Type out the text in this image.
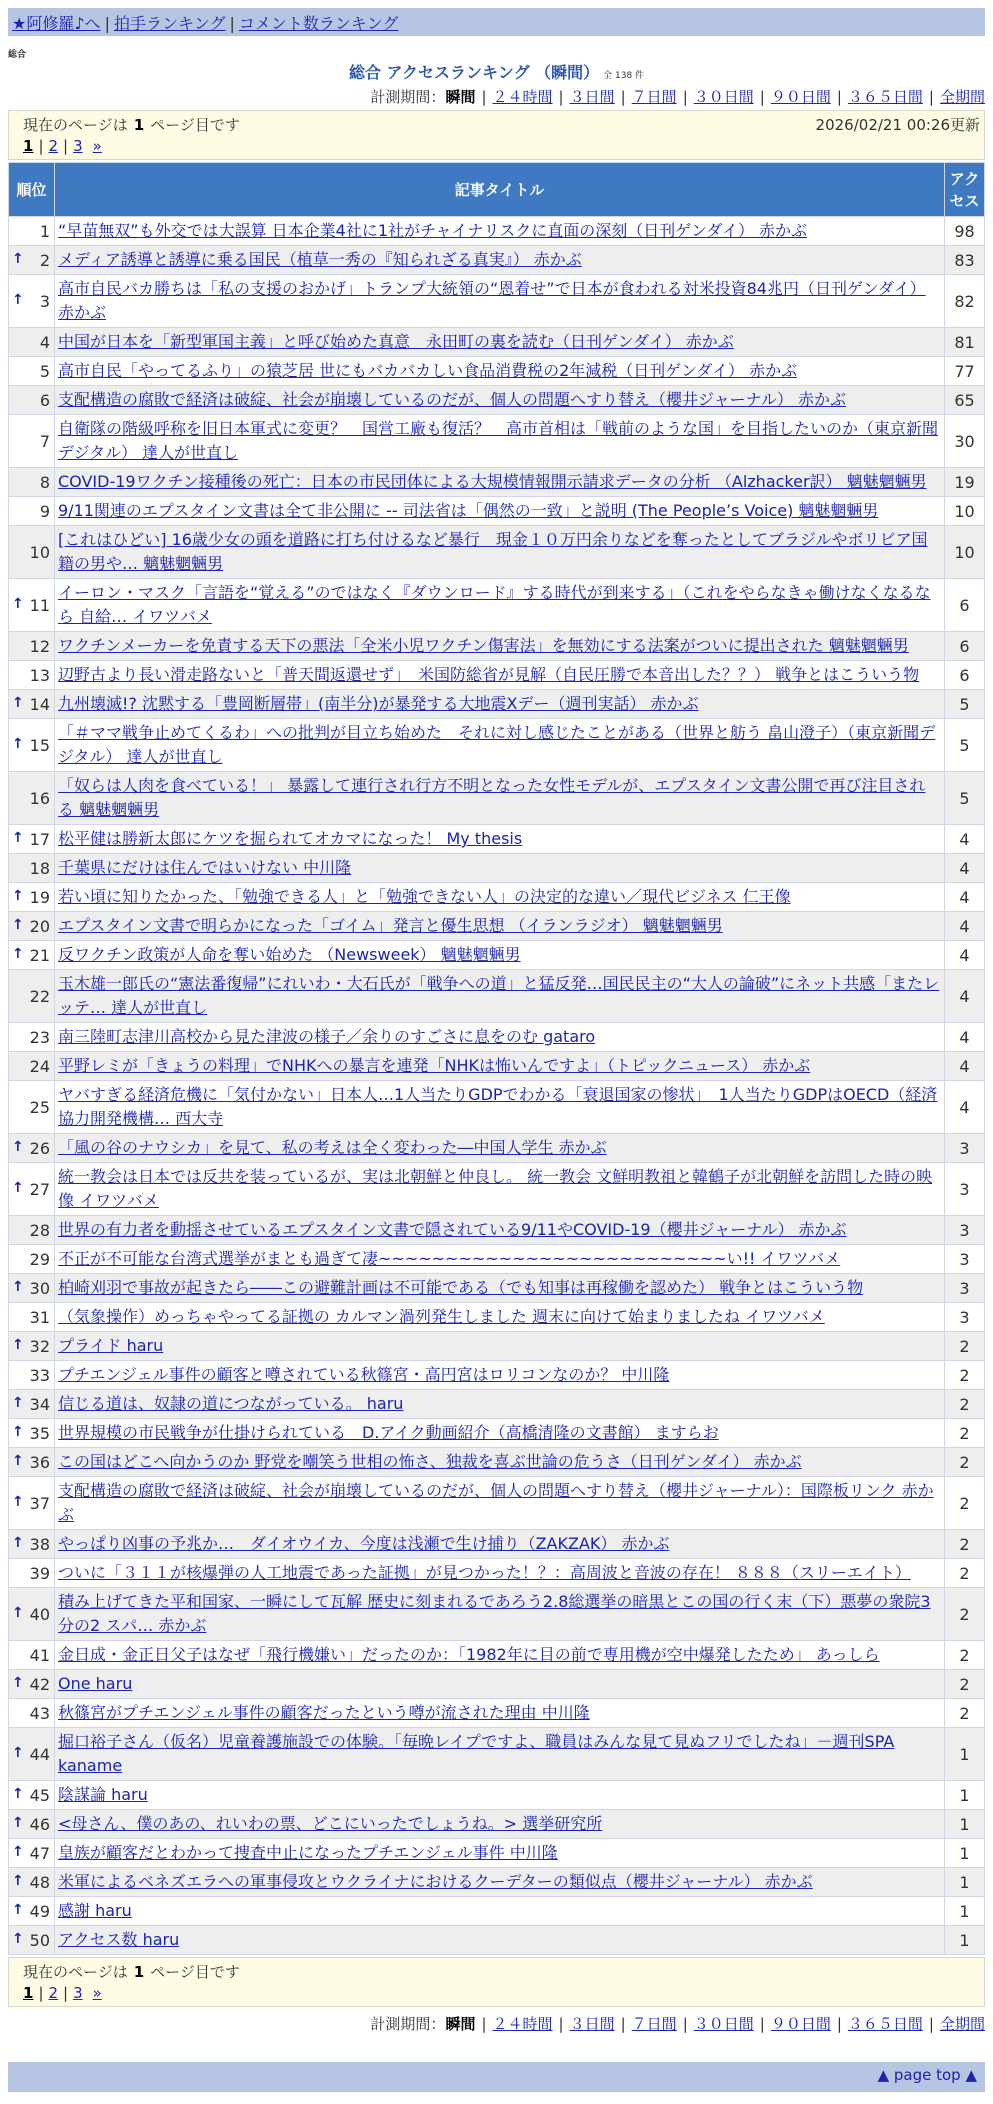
★阿修羅♪へ | 拍手ランキング | コメント数ランキング
総合
総合 アクセスランキング （瞬間） 全 138 件
計測期間：瞬間 | ２４時間 | ３日間 | ７日間 | ３０日間 | ９０日間 | ３６５日間 | 全期間
現在のページは 1 ページ目です	2026/02/21 00:26更新
1 | 2 | 3 »
順位	記事タイトル	アクセス
1	“早苗無双”も外交では大誤算 日本企業4社に1社がチャイナリスクに直面の深刻（日刊ゲンダイ） 赤かぶ	98

↑ 2	メディア誘導と誘導に乗る国民（植草一秀の『知られざる真実』） 赤かぶ	83

↑ 3	高市自民バカ勝ちは「私の支援のおかげ」トランプ大統領の“恩着せ”で日本が食われる対米投資84兆円（日刊ゲンダイ） 赤かぶ	82
4	中国が日本を「新型軍国主義」と呼び始めた真意　永田町の裏を読む（日刊ゲンダイ） 赤かぶ	81
5	高市自民「やってるふり」の猿芝居 世にもバカバカしい食品消費税の2年減税（日刊ゲンダイ） 赤かぶ	77
6	支配構造の腐敗で経済は破綻、社会が崩壊しているのだが、個人の問題へすり替え（櫻井ジャーナル） 赤かぶ	65
7	自衛隊の階級呼称を旧日本軍式に変更？　国営工廠も復活？　高市首相は「戦前のような国」を目指したいのか（東京新聞デジタル） 達人が世直し	30
8	COVID-19ワクチン接種後の死亡：日本の市民団体による大規模情報開示請求データの分析 （Alzhacker訳） 魑魅魍魎男	19
9	9/11関連のエプスタイン文書は全て非公開に -- 司法省は「偶然の一致」と説明 (The People’s Voice) 魑魅魍魎男	10
10	[これはひどい] 16歳少女の頭を道路に打ち付けるなど暴行　現金１０万円余りなどを奪ったとしてブラジルやボリビア国籍の男や… 魑魅魍魎男	10

↑ 11	イーロン・マスク「言語を“覚える”のではなく『ダウンロード』する時代が到来する」（これをやらなきゃ働けなくなるなら 自給… イワツバメ	6
12	ワクチンメーカーを免責する天下の悪法「全米小児ワクチン傷害法」を無効にする法案がついに提出された 魑魅魍魎男	6
13	辺野古より長い滑走路ないと「普天間返還せず」　米国防総省が見解（自民圧勝で本音出した？？） 戦争とはこういう物	6

↑ 14	九州壊滅!? 沈黙する「豊岡断層帯」(南半分)が暴発する大地震Xデー（週刊実話） 赤かぶ	5

↑ 15	「＃ママ戦争止めてくるわ」への批判が目立ち始めた　それに対し感じたことがある（世界と舫う 畠山澄子）（東京新聞デジタル） 達人が世直し	5
16	「奴らは人肉を食べている！」 暴露して連行され行方不明となった女性モデルが、エプスタイン文書公開で再び注目される 魑魅魍魎男	5

↑ 17	松平健は勝新太郎にケツを掘られてオカマになった！ My thesis	4
18	千葉県にだけは住んではいけない 中川隆	4

↑ 19	若い頃に知りたかった、「勉強できる人」と「勉強できない人」の決定的な違い／現代ビジネス 仁王像	4

↑ 20	エプスタイン文書で明らかになった「ゴイム」発言と優生思想 （イランラジオ） 魑魅魍魎男	4

↑ 21	反ワクチン政策が人命を奪い始めた （Newsweek） 魑魅魍魎男	4
22	玉木雄一郎氏の“憲法番復帰”にれいわ・大石氏が「戦争への道」と猛反発…国民民主の“大人の論破”にネット共感「またレッテ… 達人が世直し	4
23	南三陸町志津川高校から見た津波の様子／余りのすごさに息をのむ gataro	4
24	平野レミが「きょうの料理」でNHKへの暴言を連発「NHKは怖いんですよ」（トピックニュース） 赤かぶ	4
25	ヤバすぎる経済危機に「気付かない」日本人…1人当たりGDPでわかる「衰退国家の惨状」　1人当たりGDPはOECD（経済協力開発機構… 西大寺	4

↑ 26	「風の谷のナウシカ」を見て、私の考えは全く変わった―中国人学生 赤かぶ	3

↑ 27	統一教会は日本では反共を装っているが、実は北朝鮮と仲良し。 統一教会 文鮮明教祖と韓鶴子が北朝鮮を訪問した時の映像 イワツバメ	3
28	世界の有力者を動揺させているエプスタイン文書で隠されている9/11やCOVID-19（櫻井ジャーナル） 赤かぶ	3
29	不正が不可能な台湾式選挙がまとも過ぎて凄~~~~~~~~~~~~~~~~~~~~~~~~~~い!! イワツバメ	3

↑ 30	柏崎刈羽で事故が起きたら――この避難計画は不可能である（でも知事は再稼働を認めた） 戦争とはこういう物	3
31	（気象操作）めっちゃやってる証拠の カルマン渦列発生しました 週末に向けて始まりましたね イワツバメ	3

↑ 32	プライド haru	2
33	プチエンジェル事件の顧客と噂されている秋篠宮・高円宮はロリコンなのか？ 中川隆	2

↑ 34	信じる道は、奴隷の道につながっている。 haru	2

↑ 35	世界規模の市民戦争が仕掛けられている　D.アイク動画紹介（高橋清隆の文書館） ますらお	2

↑ 36	この国はどこへ向かうのか 野党を嘲笑う世相の怖さ、独裁を喜ぶ世論の危うさ（日刊ゲンダイ） 赤かぶ	2

↑ 37	支配構造の腐敗で経済は破綻、社会が崩壊しているのだが、個人の問題へすり替え（櫻井ジャーナル）：国際板リンク 赤かぶ	2

↑ 38	やっぱり凶事の予兆か…　ダイオウイカ、今度は浅瀬で生け捕り（ZAKZAK） 赤かぶ	2
39	ついに「３１１が核爆弾の人工地震であった証拠」が見つかった！？：高周波と音波の存在！ ８８８（スリーエイト）	2

↑ 40	積み上げてきた平和国家、一瞬にして瓦解 歴史に刻まれるであろう2.8総選挙の暗黒とこの国の行く末（下）悪夢の衆院3分の2 スパ… 赤かぶ	2
41	金日成・金正日父子はなぜ「飛行機嫌い」だったのか：「1982年に目の前で専用機が空中爆発したため」 あっしら	2

↑ 42	One haru	2
43	秋篠宮がプチエンジェル事件の顧客だったという噂が流された理由 中川隆	2

↑ 44	掘口裕子さん（仮名）児童養護施設での体験。「毎晩レイプですよ、職員はみんな見て見ぬフリでしたね」－週刊SPA kaname	1

↑ 45	陰謀論 haru	1

↑ 46	<母さん、僕のあの、れいわの票、どこにいったでしょうね。> 選挙研究所	1

↑ 47	皇族が顧客だとわかって捜査中止になったプチエンジェル事件 中川隆	1

↑ 48	米軍によるベネズエラへの軍事侵攻とウクライナにおけるクーデターの類似点（櫻井ジャーナル） 赤かぶ	1

↑ 49	感謝 haru	1

↑ 50	アクセス数 haru	1
現在のページは 1 ページ目です
1 | 2 | 3 »
計測期間：瞬間 | ２４時間 | ３日間 | ７日間 | ３０日間 | ９０日間 | ３６５日間 | 全期間
▲ page top ▲
